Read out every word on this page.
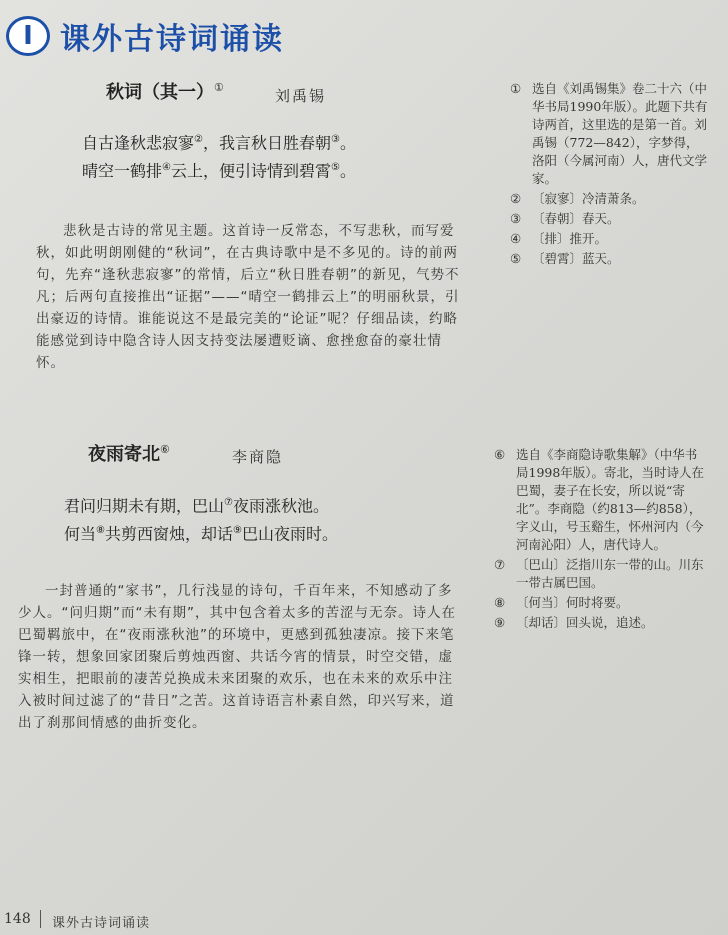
I 课外古诗词诵读
秋词（其一）①	刘禹锡
自古逢秋悲寂寥②，我言秋日胜春朝③。
晴空一鹤排④云上，便引诗情到碧霄⑤。
悲秋是古诗的常见主题。这首诗一反常态，不写悲秋，而写爱秋，如此明朗刚健的“秋词”，在古典诗歌中是不多见的。诗的前两句，先弃“逢秋悲寂寥”的常情，后立“秋日胜春朝”的新见，气势不凡；后两句直接推出“证据”——“晴空一鹤排云上”的明丽秋景，引出豪迈的诗情。谁能说这不是最完美的“论证”呢？仔细品读，约略能感觉到诗中隐含诗人因支持变法屡遭贬谪、愈挫愈奋的豪壮情怀。
① 选自《刘禹锡集》卷二十六（中华书局1990年版）。此题下共有诗两首，这里选的是第一首。刘禹锡（772—842），字梦得，洛阳（今属河南）人，唐代文学家。
② 〔寂寥〕冷清萧条。
③ 〔春朝〕春天。
④ 〔排〕推开。
⑤ 〔碧霄〕蓝天。
夜雨寄北⑥	李商隐
君问归期未有期，巴山⑦夜雨涨秋池。
何当⑧共剪西窗烛，却话⑨巴山夜雨时。
一封普通的“家书”，几行浅显的诗句，千百年来，不知感动了多少人。“问归期”而“未有期”，其中包含着太多的苦涩与无奈。诗人在巴蜀羁旅中，在“夜雨涨秋池”的环境中，更感到孤独凄凉。接下来笔锋一转，想象回家团聚后剪烛西窗、共话今宵的情景，时空交错，虚实相生，把眼前的凄苦兑换成未来团聚的欢乐，也在未来的欢乐中注入被时间过滤了的“昔日”之苦。这首诗语言朴素自然，印兴写来，道出了刹那间情感的曲折变化。
⑥ 选自《李商隐诗歌集解》（中华书局1998年版）。寄北，当时诗人在巴蜀，妻子在长安，所以说“寄北”。李商隐（约813—约858），字义山，号玉谿生，怀州河内（今河南沁阳）人，唐代诗人。
⑦ 〔巴山〕泛指川东一带的山。川东一带古属巴国。
⑧ 〔何当〕何时将要。
⑨ 〔却话〕回头说，追述。
148 课外古诗词诵读
